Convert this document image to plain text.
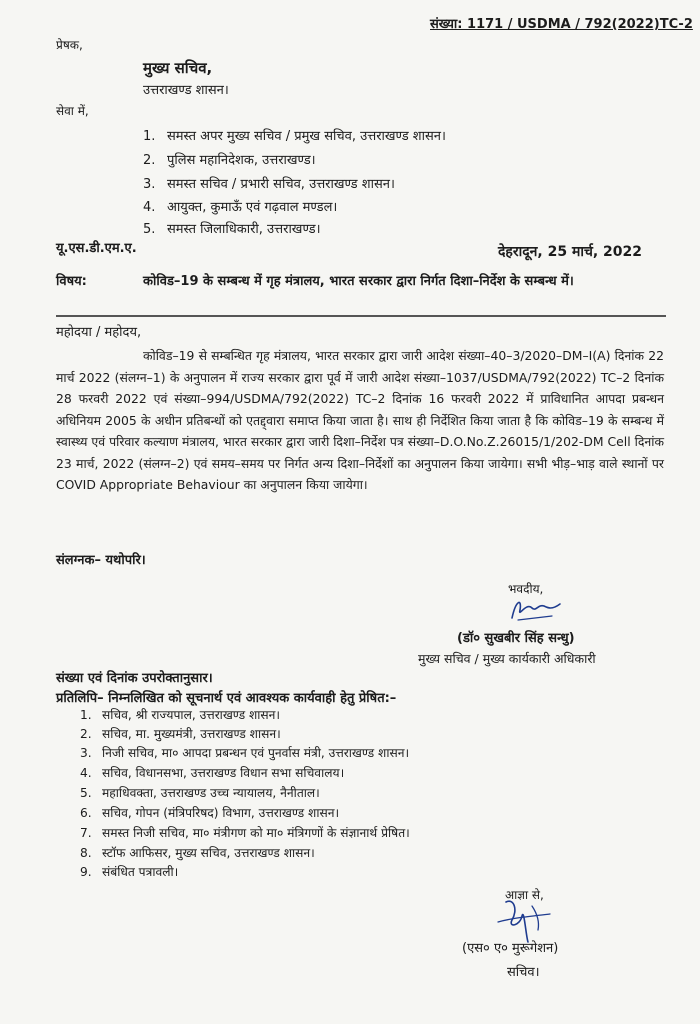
संख्या: 1171 / USDMA / 792(2022)TC-2
प्रेषक,
मुख्य सचिव,
उत्तराखण्ड शासन।
सेवा में,
1. समस्त अपर मुख्य सचिव / प्रमुख सचिव, उत्तराखण्ड शासन।
2. पुलिस महानिदेशक, उत्तराखण्ड।
3. समस्त सचिव / प्रभारी सचिव, उत्तराखण्ड शासन।
4. आयुक्त, कुमाऊँ एवं गढ़वाल मण्डल।
5. समस्त जिलाधिकारी, उत्तराखण्ड।
यू.एस.डी.एम.ए.	देहरादून, 25 मार्च, 2022
विषय:	कोविड–19 के सम्बन्ध में गृह मंत्रालय, भारत सरकार द्वारा निर्गत दिशा–निर्देश के सम्बन्ध में।
महोदया / महोदय,
कोविड–19 से सम्बन्धित गृह मंत्रालय, भारत सरकार द्वारा जारी आदेश संख्या–40–3/2020–DM–I(A) दिनांक 22 मार्च 2022 (संलग्न–1) के अनुपालन में राज्य सरकार द्वारा पूर्व में जारी आदेश संख्या–1037/USDMA/792(2022) TC–2 दिनांक 28 फरवरी 2022 एवं संख्या–994/USDMA/792(2022) TC–2 दिनांक 16 फरवरी 2022 में प्राविधानित आपदा प्रबन्धन अधिनियम 2005 के अधीन प्रतिबन्धों को एतद्द्वारा समाप्त किया जाता है। साथ ही निर्देशित किया जाता है कि कोविड–19 के सम्बन्ध में स्वास्थ्य एवं परिवार कल्याण मंत्रालय, भारत सरकार द्वारा जारी दिशा–निर्देश पत्र संख्या–D.O.No.Z.26015/1/202-DM Cell दिनांक 23 मार्च, 2022 (संलग्न–2) एवं समय–समय पर निर्गत अन्य दिशा–निर्देशों का अनुपालन किया जायेगा। सभी भीड़–भाड़ वाले स्थानों पर COVID Appropriate Behaviour का अनुपालन किया जायेगा।
संलग्नक– यथोपरि।
भवदीय,
(डॉ० सुखबीर सिंह सन्धु)
मुख्य सचिव / मुख्य कार्यकारी अधिकारी
संख्या एवं दिनांक उपरोक्तानुसार।
प्रतिलिपि– निम्नलिखित को सूचनार्थ एवं आवश्यक कार्यवाही हेतु प्रेषित:–
1. सचिव, श्री राज्यपाल, उत्तराखण्ड शासन।
2. सचिव, मा. मुख्यमंत्री, उत्तराखण्ड शासन।
3. निजी सचिव, मा० आपदा प्रबन्धन एवं पुनर्वास मंत्री, उत्तराखण्ड शासन।
4. सचिव, विधानसभा, उत्तराखण्ड विधान सभा सचिवालय।
5. महाधिवक्ता, उत्तराखण्ड उच्च न्यायालय, नैनीताल।
6. सचिव, गोपन (मंत्रिपरिषद) विभाग, उत्तराखण्ड शासन।
7. समस्त निजी सचिव, मा० मंत्रीगण को मा० मंत्रिगणों के संज्ञानार्थ प्रेषित।
8. स्टॉफ आफिसर, मुख्य सचिव, उत्तराखण्ड शासन।
9. संबंधित पत्रावली।
आज्ञा से,
(एस० ए० मुरूगेशन)
सचिव।
